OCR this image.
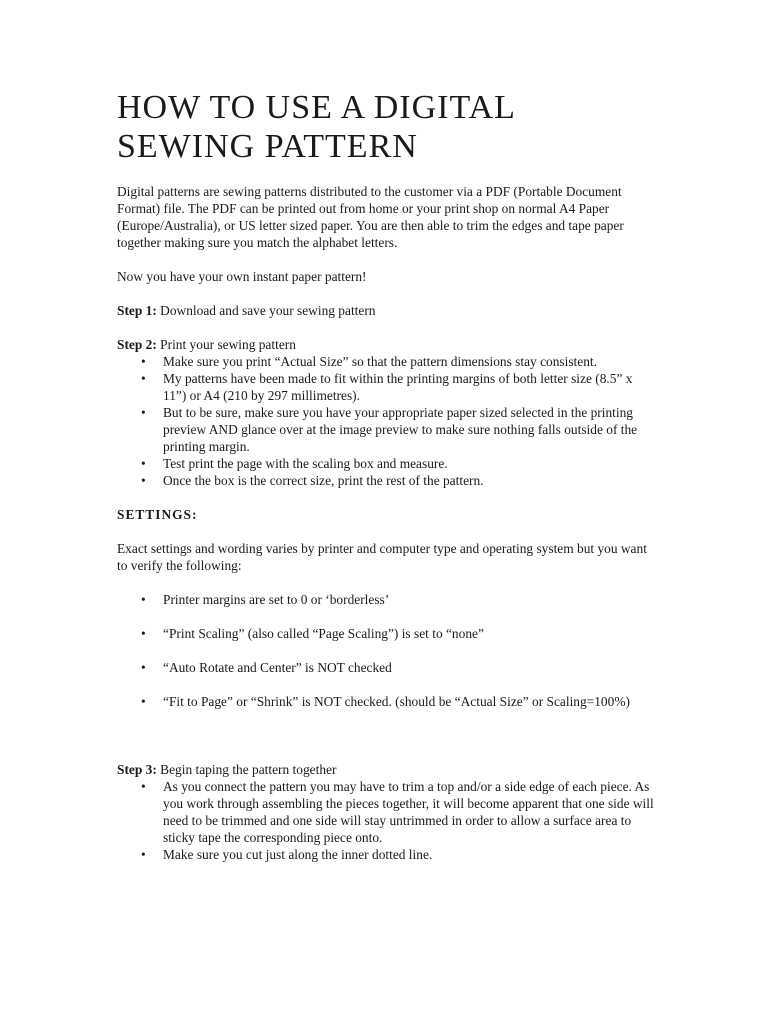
HOW TO USE A DIGITAL
SEWING PATTERN

Digital patterns are sewing patterns distributed to the customer via a PDF (Portable Document Format) file. The PDF can be printed out from home or your print shop on normal A4 Paper (Europe/Australia), or US letter sized paper. You are then able to trim the edges and tape paper together making sure you match the alphabet letters.

Now you have your own instant paper pattern!

Step 1: Download and save your sewing pattern

Step 2: Print your sewing pattern

• Make sure you print “Actual Size” so that the pattern dimensions stay consistent.
• My patterns have been made to fit within the printing margins of both letter size (8.5” x 11”) or A4 (210 by 297 millimetres).
• But to be sure, make sure you have your appropriate paper sized selected in the printing preview AND glance over at the image preview to make sure nothing falls outside of the printing margin.
• Test print the page with the scaling box and measure.
• Once the box is the correct size, print the rest of the pattern.

SETTINGS:

Exact settings and wording varies by printer and computer type and operating system but you want to verify the following:

• Printer margins are set to 0 or ‘borderless’
• “Print Scaling” (also called “Page Scaling”) is set to “none”
• “Auto Rotate and Center” is NOT checked
• “Fit to Page” or “Shrink” is NOT checked. (should be “Actual Size” or Scaling=100%)

Step 3: Begin taping the pattern together

• As you connect the pattern you may have to trim a top and/or a side edge of each piece. As you work through assembling the pieces together, it will become apparent that one side will need to be trimmed and one side will stay untrimmed in order to allow a surface area to sticky tape the corresponding piece onto.
• Make sure you cut just along the inner dotted line.
